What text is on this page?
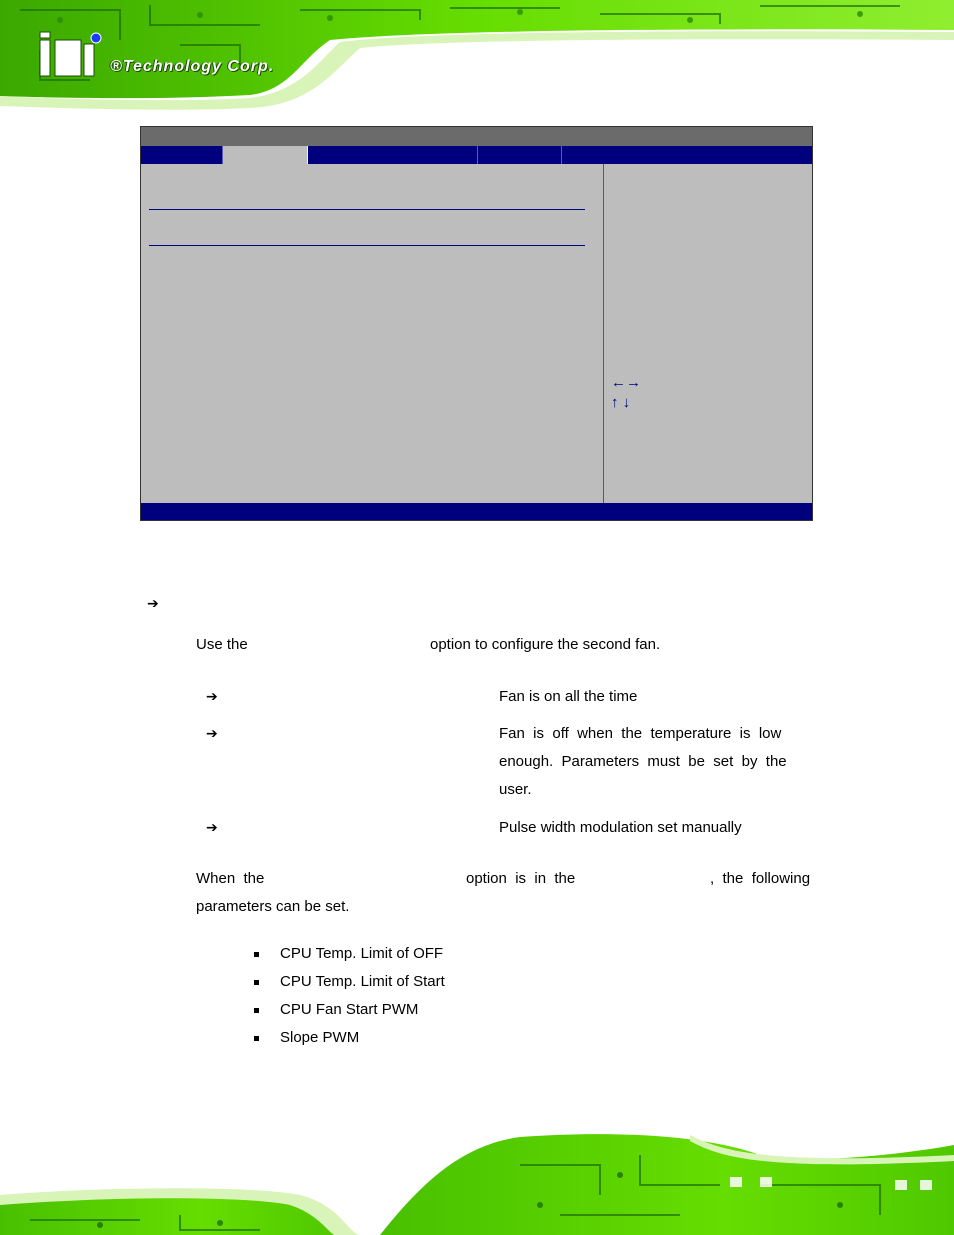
®Technology Corp.
←→
↑ ↓
➔
Use the	option to configure the second fan.
➔	Fan is on all the time
➔	Fan  is  off  when  the  temperature  is  low
enough.  Parameters  must  be  set  by  the
user.
➔	Pulse width modulation set manually
When  the	option  is  in  the	,  the  following
parameters can be set.
CPU Temp. Limit of OFF
CPU Temp. Limit of Start
CPU Fan Start PWM
Slope PWM
